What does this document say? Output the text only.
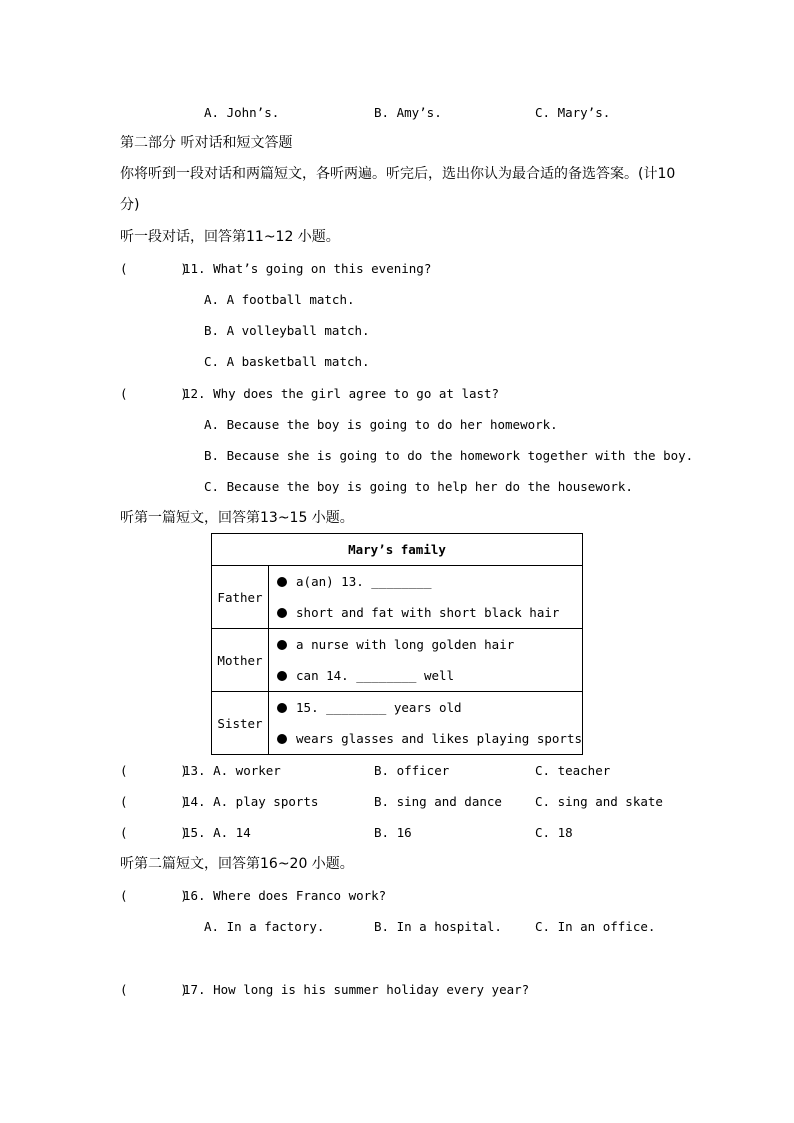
A. John’s.	B. Amy’s.	C. Mary’s.
第二部分 听对话和短文答题
你将听到一段对话和两篇短文，各听两遍。听完后，选出你认为最合适的备选答案。(计10
分)
听一段对话，回答第11~12 小题。
(       )
11. What’s going on this evening?
A. A football match.
B. A volleyball match.
C. A basketball match.
(       )
12. Why does the girl agree to go at last?
A. Because the boy is going to do her homework.
B. Because she is going to do the homework together with the boy.
C. Because the boy is going to help her do the housework.
听第一篇短文，回答第13~15 小题。
Mary’s family	
Father	a(an) 13. ________
short and fat with short black hair

Mother	a nurse with long golden hair
can 14. ________ well

Sister	15. ________ years old
wears glasses and likes playing sports
(       )
13. A. worker	B. officer	C. teacher
(       )
14. A. play sports	B. sing and dance	C. sing and skate
(       )
15. A. 14	B. 16	C. 18
听第二篇短文，回答第16~20 小题。
(       )
16. Where does Franco work?
A. In a factory.	B. In a hospital.	C. In an office.
(       )
17. How long is his summer holiday every year?
